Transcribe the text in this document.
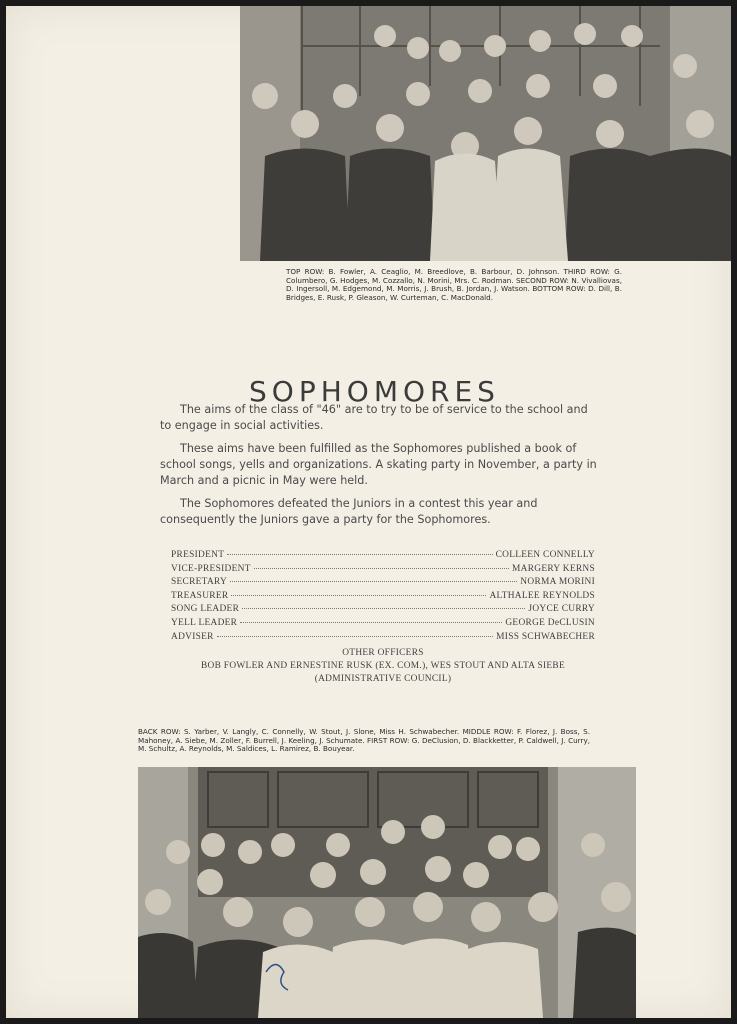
TOP ROW: B. Fowler, A. Ceaglio, M. Breedlove, B. Barbour, D. Johnson. THIRD ROW: G. Columbero, G. Hodges, M. Cozzallo, N. Morini, Mrs. C. Rodman. SECOND ROW: N. Vivalliovas, D. Ingersoll, M. Edgemond, M. Morris, J. Brush, B. Jordan, J. Watson. BOTTOM ROW: D. Dill, B. Bridges, E. Rusk, P. Gleason, W. Curteman, C. MacDonald.
SOPHOMORES

The aims of the class of "46" are to try to be of service to the school and to engage in social activities.

These aims have been fulfilled as the Sophomores published a book of school songs, yells and organizations. A skating party in November, a party in March and a picnic in May were held.

The Sophomores defeated the Juniors in a contest this year and consequently the Juniors gave a party for the Sophomores.

PRESIDENT	COLLEEN CONNELLY
VICE-PRESIDENT	MARGERY KERNS
SECRETARY	NORMA MORINI
TREASURER	ALTHALEE REYNOLDS
SONG LEADER	JOYCE CURRY
YELL LEADER	GEORGE DeCLUSIN
ADVISER	MISS SCHWABECHER
OTHER OFFICERS
BOB FOWLER AND ERNESTINE RUSK (EX. COM.), WES STOUT AND ALTA SIEBE
(ADMINISTRATIVE COUNCIL)
BACK ROW: S. Yarber, V. Langly, C. Connelly, W. Stout, J. Slone, Miss H. Schwabecher. MIDDLE ROW: F. Florez, J. Boss, S. Mahoney, A. Siebe, M. Zoller, F. Burrell, J. Keeling, J. Schumate. FIRST ROW: G. DeClusion, D. Blackketter, P. Caldwell, J. Curry, M. Schultz, A. Reynolds, M. Saldices, L. Ramirez, B. Bouyear.
